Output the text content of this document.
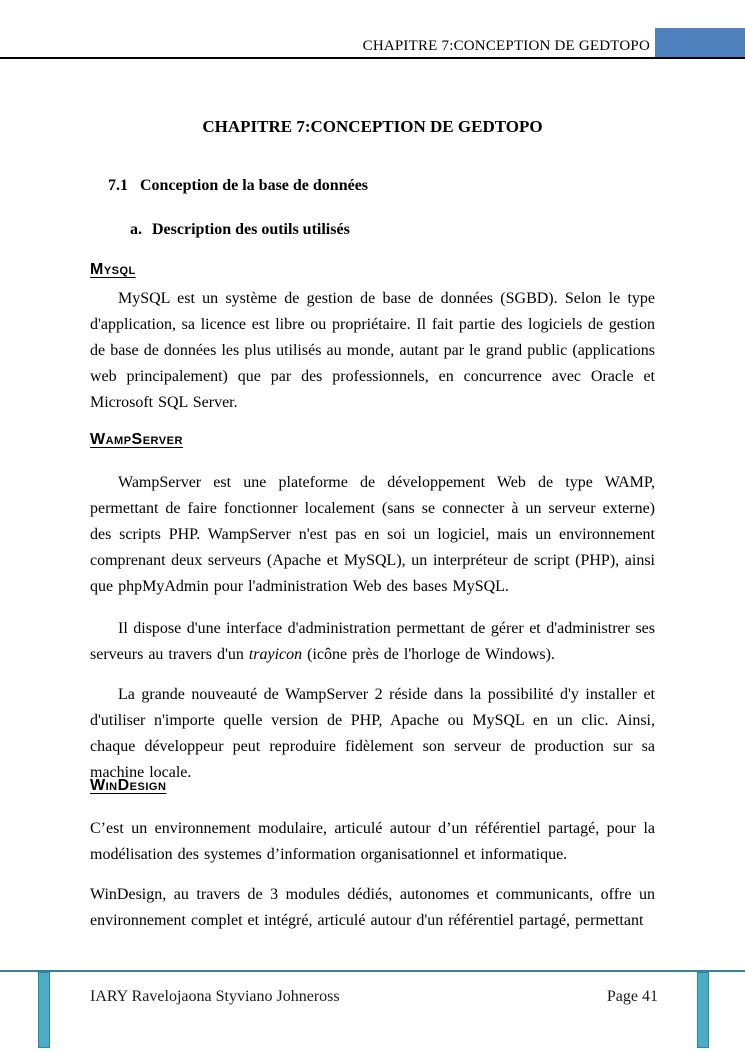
CHAPITRE 7:CONCEPTION DE GEDTOPO
CHAPITRE 7:CONCEPTION DE GEDTOPO
7.1 Conception de la base de données
a. Description des outils utilisés
Mysql

MySQL est un système de gestion de base de données (SGBD). Selon le type d'application, sa licence est libre ou propriétaire. Il fait partie des logiciels de gestion de base de données les plus utilisés au monde, autant par le grand public (applications web principalement) que par des professionnels, en concurrence avec Oracle et Microsoft SQL Server.

WampServer

WampServer est une plateforme de développement Web de type WAMP, permettant de faire fonctionner localement (sans se connecter à un serveur externe) des scripts PHP. WampServer n'est pas en soi un logiciel, mais un environnement comprenant deux serveurs (Apache et MySQL), un interpréteur de script (PHP), ainsi que phpMyAdmin pour l'administration Web des bases MySQL.

Il dispose d'une interface d'administration permettant de gérer et d'administrer ses serveurs au travers d'un trayicon (icône près de l'horloge de Windows).

La grande nouveauté de WampServer 2 réside dans la possibilité d'y installer et d'utiliser n'importe quelle version de PHP, Apache ou MySQL en un clic. Ainsi, chaque développeur peut reproduire fidèlement son serveur de production sur sa machine locale.

WinDesign

C’est un environnement modulaire, articulé autour d’un référentiel partagé, pour la modélisation des systemes d’information organisationnel et informatique.

WinDesign, au travers de 3 modules dédiés, autonomes et communicants, offre un environnement complet et intégré, articulé autour d'un référentiel partagé, permettant

IARY Ravelojaona Styviano Johneross	Page 41
